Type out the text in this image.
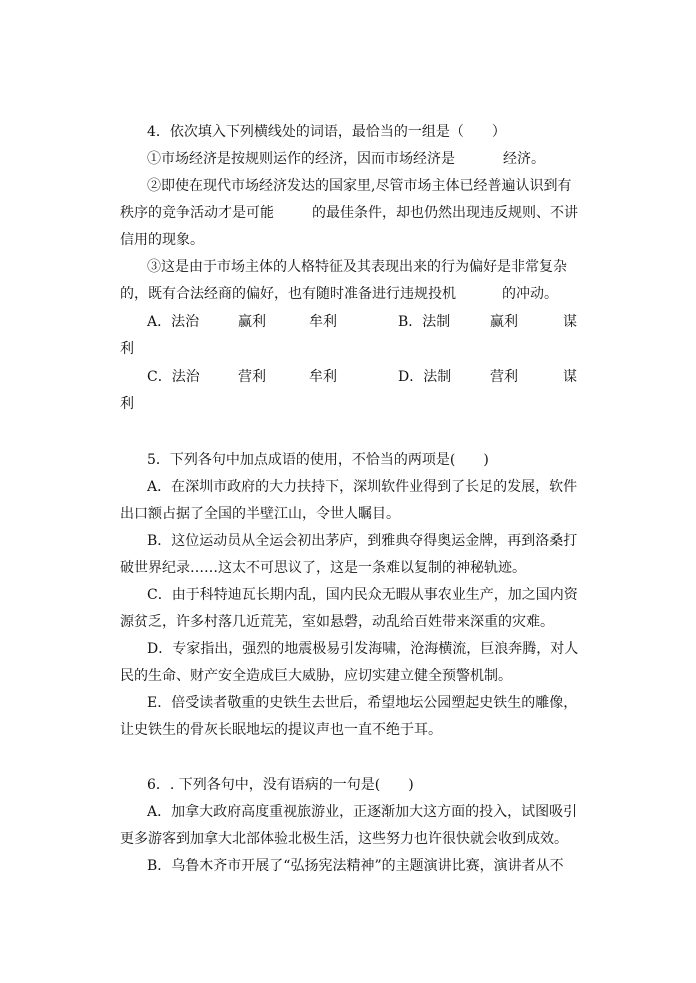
4．依次填入下列横线处的词语，最恰当的一组是（　　）
①市场经济是按规则运作的经济，因而市场经济是	经济。
②即使在现代市场经济发达的国家里,尽管市场主体已经普遍认识到有
秩序的竞争活动才是可能	的最佳条件，却也仍然出现违反规则、不讲
信用的现象。
③这是由于市场主体的人格特征及其表现出来的行为偏好是非常复杂
的，既有合法经商的偏好，也有随时准备进行违规投机	的冲动。
A．法治	赢利	牟利	B．法制	赢利	谋
利
C．法治	营利	牟利	D．法制	营利	谋
利
5．下列各句中加点成语的使用，不恰当的两项是(　　)
A．在深圳市政府的大力扶持下，深圳软件业得到了长足的发展，软件
出口额占据了全国的半壁江山，令世人瞩目。
B．这位运动员从全运会初出茅庐，到雅典夺得奥运金牌，再到洛桑打
破世界纪录……这太不可思议了，这是一条难以复制的神秘轨迹。
C．由于科特迪瓦长期内乱，国内民众无暇从事农业生产，加之国内资
源贫乏，许多村落几近荒芜，室如悬磬，动乱给百姓带来深重的灾难。
D．专家指出，强烈的地震极易引发海啸，沧海横流，巨浪奔腾，对人
民的生命、财产安全造成巨大威胁，应切实建立健全预警机制。
E．倍受读者敬重的史铁生去世后，希望地坛公园塑起史铁生的雕像，
让史铁生的骨灰长眠地坛的提议声也一直不绝于耳。
6．. 下列各句中，没有语病的一句是(　　)
A．加拿大政府高度重视旅游业，正逐渐加大这方面的投入，试图吸引
更多游客到加拿大北部体验北极生活，这些努力也许很快就会收到成效。
B．乌鲁木齐市开展了“弘扬宪法精神”的主题演讲比赛，演讲者从不
